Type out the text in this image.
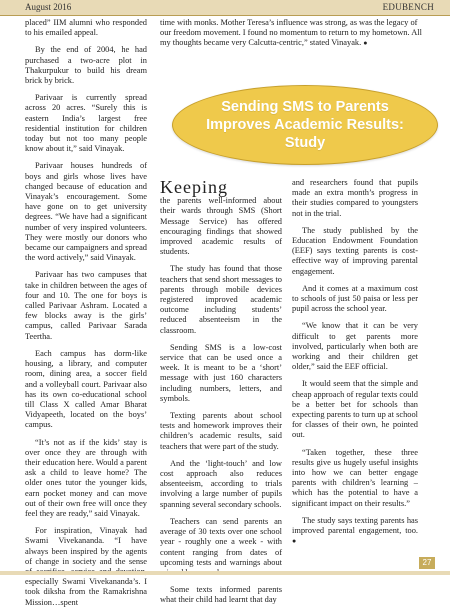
August 2016	EDUBENCH

placed” IIM alumni who responded to his emailed appeal.

By the end of 2004, he had purchased a two-acre plot in Thakurpukur to build his dream brick by brick.

Parivaar is currently spread across 20 acres. “Surely this is eastern India’s largest free residential institution for children today but not too many people know about it,” said Vinayak.

Parivaar houses hundreds of boys and girls whose lives have changed because of education and Vinayak’s encouragement. Some have gone on to get university degrees. “We have had a significant number of very inspired volunteers. They were mostly our donors who became our campaigners and spread the word actively,” said Vinayak.

Parivaar has two campuses that take in children between the ages of four and 10. The one for boys is called Parivaar Ashram. Located a few blocks away is the girls’ campus, called Parivaar Sarada Teertha.

Each campus has dorm-like housing, a library, and computer room, dining area, a soccer field and a volleyball court. Parivaar also has its own co-educational school till Class X called Amar Bharat Vidyapeeth, located on the boys’ campus.

“It’s not as if the kids’ stay is over once they are through with their education here. Would a parent ask a child to leave home? The older ones tutor the younger kids, earn pocket money and can move out of their own free will once they feel they are ready,” said Vinayak.

For inspiration, Vinayak had Swami Vivekananda. “I have always been inspired by the agents of change in society and the sense especially Swami Vivekananda’s. I took diksha from the Ramakrishna Mission…spent

time with monks. Mother Teresa’s influence was strong, as was the legacy of our freedom movement. I found no momentum to return to my hometown. All my thoughts became very Calcutta-centric,” stated Vinayak. ●

Sending SMS to Parents Improves Academic Results: Study

Keeping
the parents well-informed about their wards through SMS (Short Message Service) has offered encouraging findings that showed improved academic results of students.

The study has found that those teachers that send short messages to parents through mobile devices registered improved academic outcome including students’ reduced absenteeism in the classroom.

Sending SMS is a low-cost service that can be used once a week. It is meant to be a ‘short’ message with just 160 characters including numbers, letters, and symbols.

Texting parents about school tests and homework improves their children’s academic results, said teachers that were part of the study.

And the ‘light-touch’ and low cost approach also reduces absenteeism, according to trials involving a large number of pupils spanning several secondary schools.

Teachers can send parents an average of 30 texts over one school year - roughly one a week - with content ranging from dates of upcoming tests and warnings about

Some texts informed parents what their child had learnt that day

and researchers found that pupils made an extra month’s progress in their studies compared to youngsters not in the trial.

The study published by the Education Endowment Foundation (EEF) says texting parents is cost-effective way of improving parental engagement.

And it comes at a maximum cost to schools of just 50 paisa or less per pupil across the school year.

“We know that it can be very difficult to get parents more involved, particularly when both are working and their children get older,” said the EEF official.

It would seem that the simple and cheap approach of regular texts could be a better bet for schools than expecting parents to turn up at school for classes of their own, he pointed out.

“Taken together, these three results give us hugely useful insights into how we can better engage parents with children’s learning – which has the potential to have a significant impact on their results.”

The study says texting parents has improved parental engagement, too. ●

27
